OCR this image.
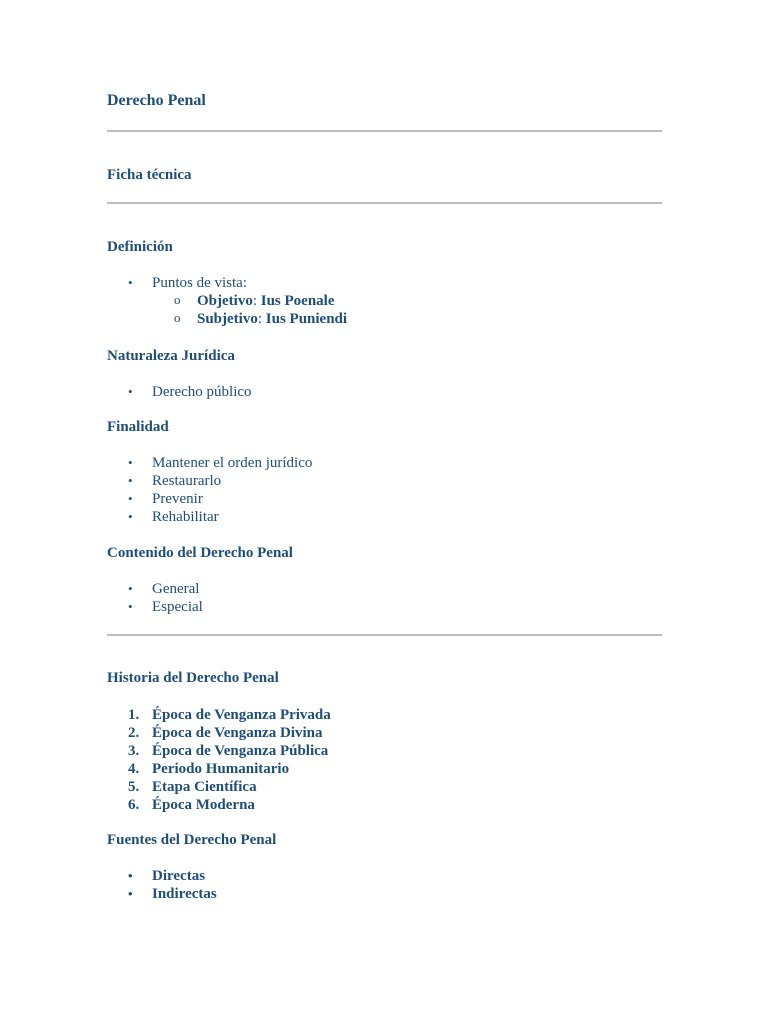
Derecho Penal
Ficha técnica
Definición
• Puntos de vista:
o Objetivo: Ius Poenale
o Subjetivo: Ius Puniendi
Naturaleza Jurídica
• Derecho público
Finalidad
• Mantener el orden jurídico
• Restaurarlo
• Prevenir
• Rehabilitar
Contenido del Derecho Penal
• General
• Especial
Historia del Derecho Penal
Época de Venganza Privada
Época de Venganza Divina
Época de Venganza Pública
Periodo Humanitario
Etapa Científica
Época Moderna
Fuentes del Derecho Penal
• Directas
• Indirectas
